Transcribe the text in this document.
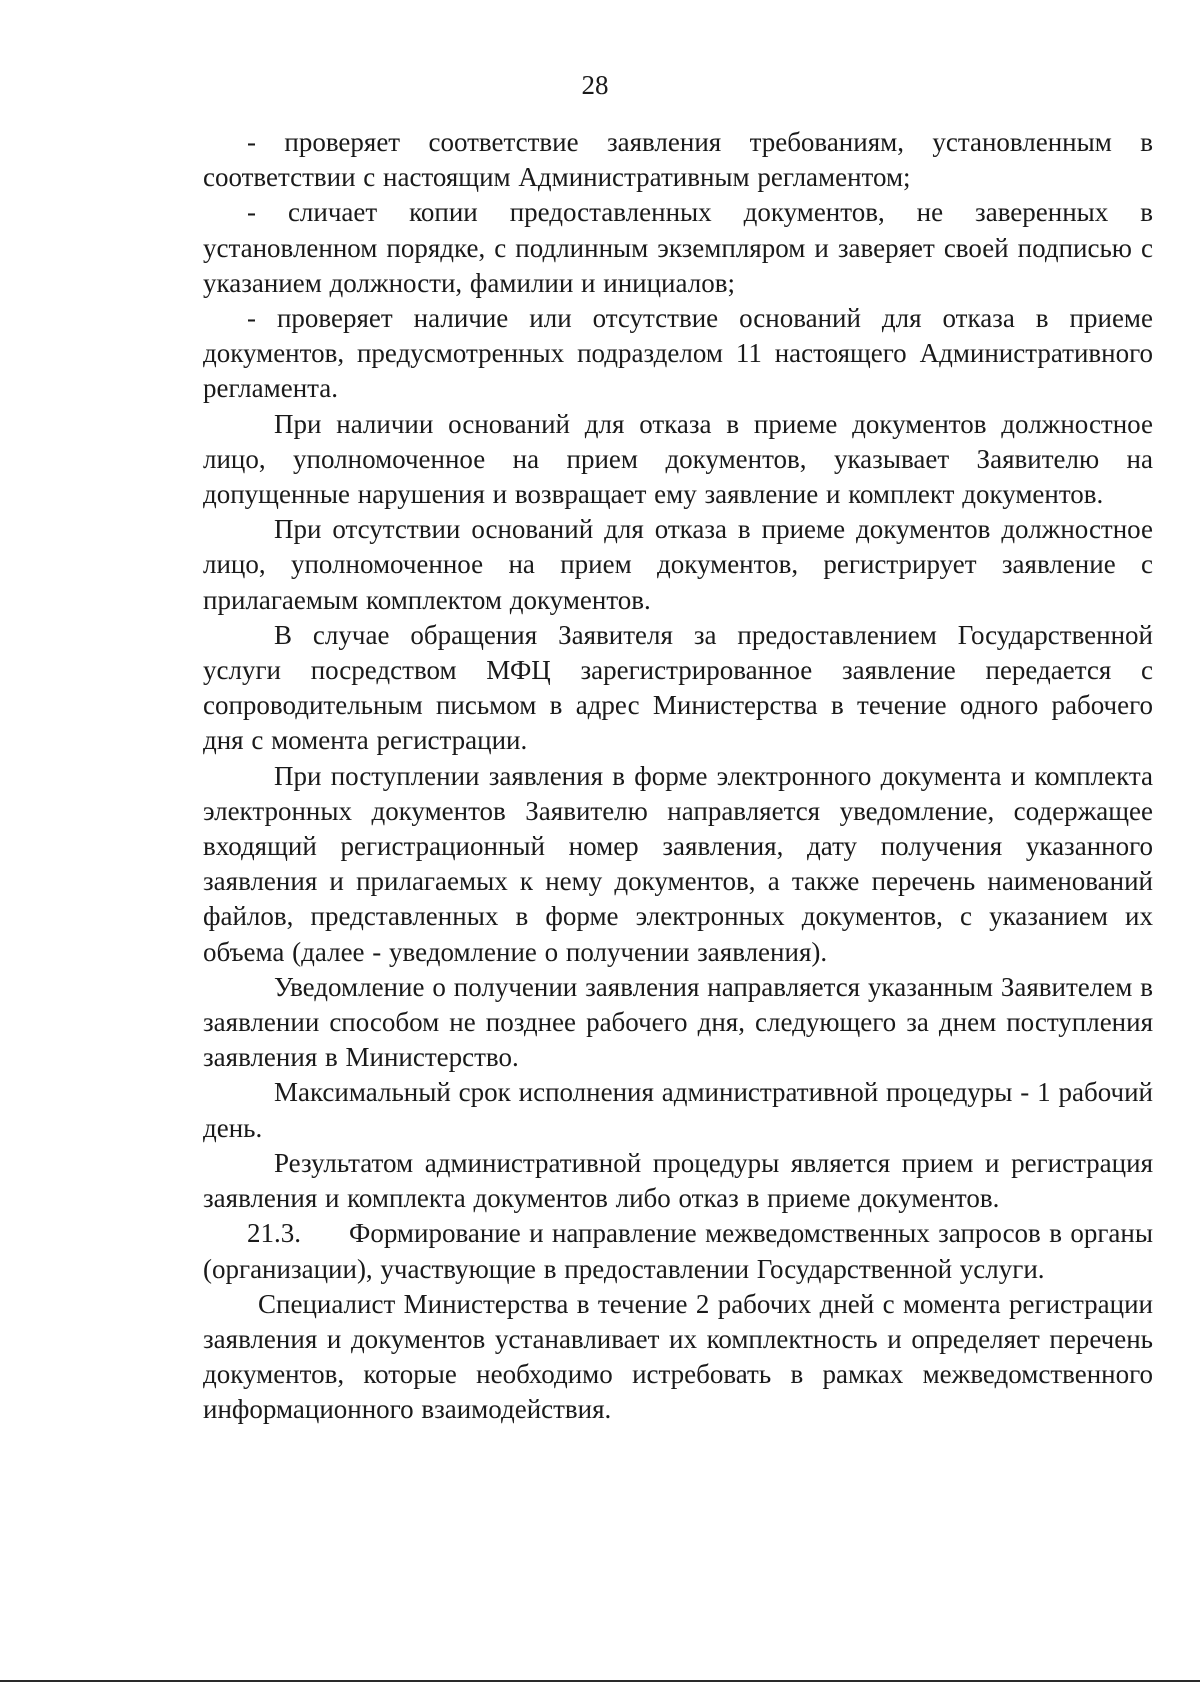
28

- проверяет соответствие заявления требованиям, установленным в соответствии с настоящим Административным регламентом;

- сличает копии предоставленных документов, не заверенных в установленном порядке, с подлинным экземпляром и заверяет своей подписью с указанием должности, фамилии и инициалов;

- проверяет наличие или отсутствие оснований для отказа в приеме документов, предусмотренных подразделом 11 настоящего Административного регламента.

При наличии оснований для отказа в приеме документов должностное лицо, уполномоченное на прием документов, указывает Заявителю на допущенные нарушения и возвращает ему заявление и комплект документов.

При отсутствии оснований для отказа в приеме документов должностное лицо, уполномоченное на прием документов, регистрирует заявление с прилагаемым комплектом документов.

В случае обращения Заявителя за предоставлением Государственной услуги посредством МФЦ зарегистрированное заявление передается с сопроводительным письмом в адрес Министерства в течение одного рабочего дня с момента регистрации.

При поступлении заявления в форме электронного документа и комплекта электронных документов Заявителю направляется уведомление, содержащее входящий регистрационный номер заявления, дату получения указанного заявления и прилагаемых к нему документов, а также перечень наименований файлов, представленных в форме электронных документов, с указанием их объема (далее - уведомление о получении заявления).

Уведомление о получении заявления направляется указанным Заявителем в заявлении способом не позднее рабочего дня, следующего за днем поступления заявления в Министерство.

Максимальный срок исполнения административной процедуры - 1 рабочий день.

Результатом административной процедуры является прием и регистрация заявления и комплекта документов либо отказ в приеме документов.

21.3. Формирование и направление межведомственных запросов в органы (организации), участвующие в предоставлении Государственной услуги.

Специалист Министерства в течение 2 рабочих дней с момента регистрации заявления и документов устанавливает их комплектность и определяет перечень документов, которые необходимо истребовать в рамках межведомственного информационного взаимодействия.
